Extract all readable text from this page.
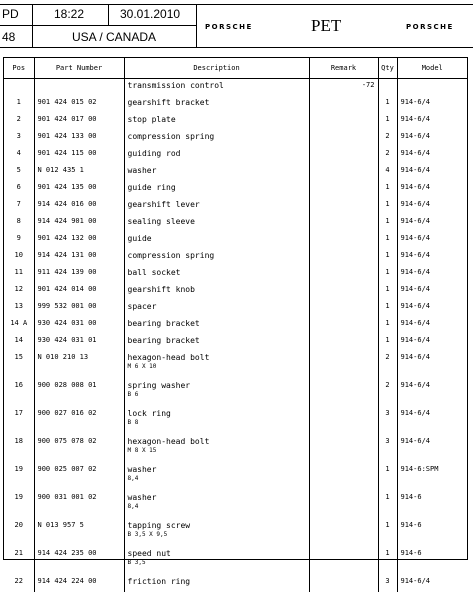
PD
48
18:22	30.01.2010
USA / CANADA
PORSCHE	PET	PORSCHE
Pos	Part Number	Description	Remark	Qty	Model
		transmission control	-72		
1	901 424 015 02	gearshift bracket		1	914-6/4
2	901 424 017 00	stop plate		1	914-6/4
3	901 424 133 00	compression spring		2	914-6/4
4	901 424 115 00	guiding rod		2	914-6/4
5	N 012 435 1	washer		4	914-6/4
6	901 424 135 00	guide ring		1	914-6/4
7	914 424 016 00	gearshift lever		1	914-6/4
8	914 424 901 00	sealing sleeve		1	914-6/4
9	901 424 132 00	guide		1	914-6/4
10	914 424 131 00	compression spring		1	914-6/4
11	911 424 139 00	ball socket		1	914-6/4
12	901 424 014 00	gearshift knob		1	914-6/4
13	999 532 001 00	spacer		1	914-6/4
14 A	930 424 031 00	bearing bracket		1	914-6/4
14	930 424 031 01	bearing bracket		1	914-6/4
15	N 010 210 13	hexagon-head bolt
M 6 X 10		2	914-6/4
16	900 028 008 01	spring washer
B 6		2	914-6/4
17	900 027 016 02	lock ring
B 8		3	914-6/4
18	900 075 078 02	hexagon-head bolt
M 8 X 15		3	914-6/4
19	900 025 007 02	washer
8,4		1	914-6:SPM
19	900 031 001 02	washer
8,4		1	914-6
20	N 013 957 5	tapping screw
B 3,5 X 9,5		1	914-6
21	914 424 235 00	speed nut
B 3,5		1	914-6
22	914 424 224 00	friction ring		3	914-6/4
